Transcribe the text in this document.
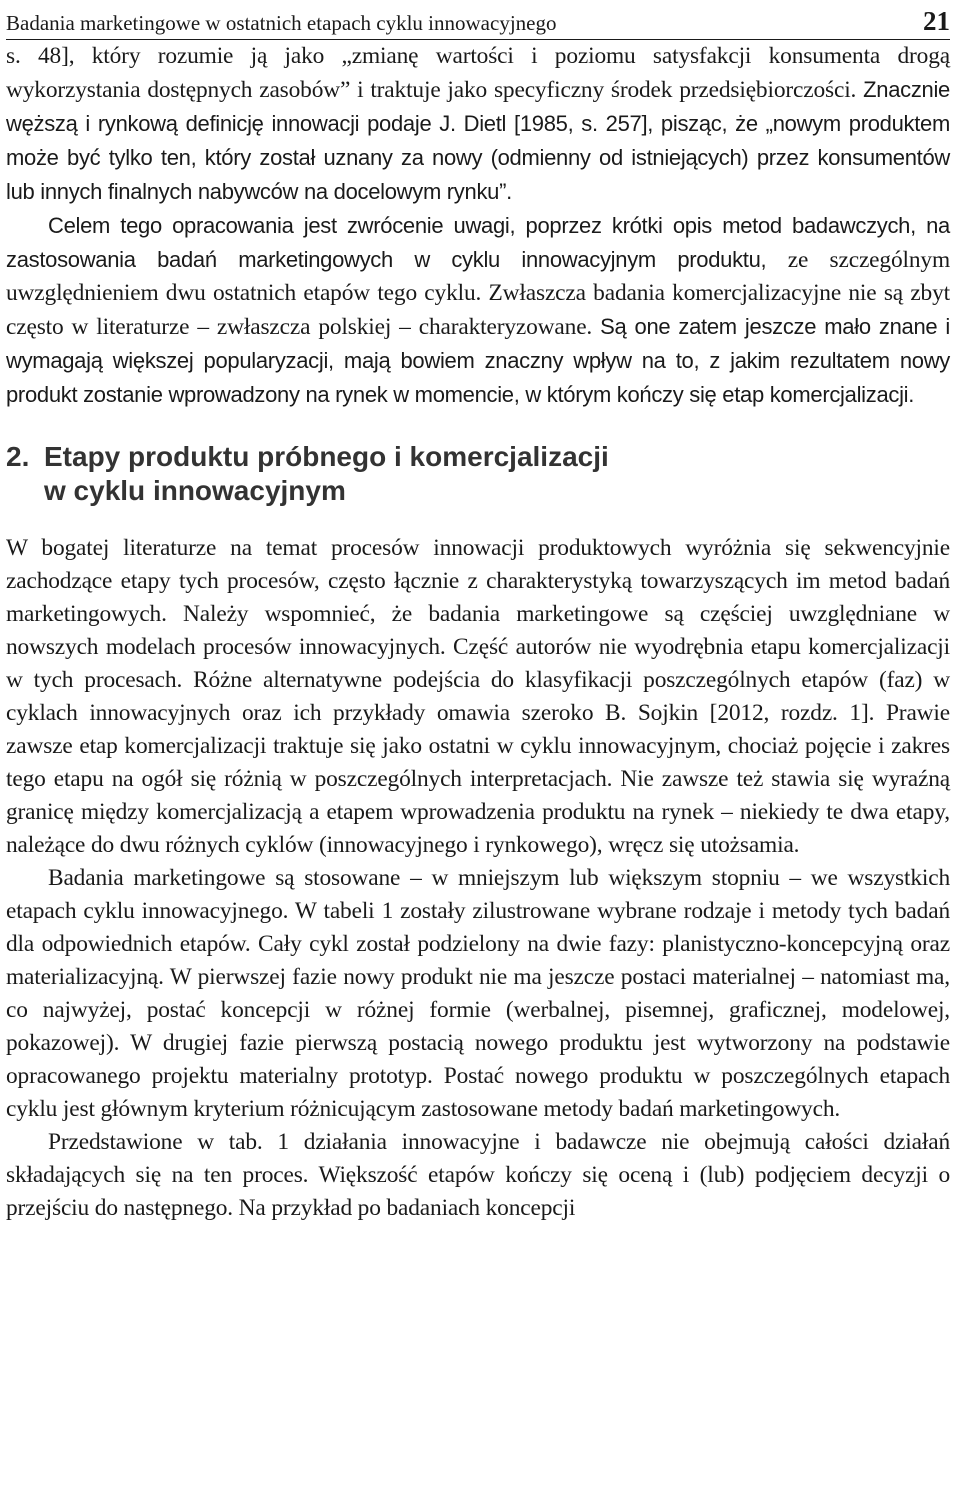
Badania marketingowe w ostatnich etapach cyklu innowacyjnego	21

s. 48], który rozumie ją jako „zmianę wartości i poziomu satysfakcji konsumenta drogą wykorzystania dostępnych zasobów” i traktuje jako specyficzny środek przedsiębiorczości. Znacznie węższą i rynkową definicję innowacji podaje J. Dietl [1985, s. 257], pisząc, że „nowym produktem może być tylko ten, który został uznany za nowy (odmienny od istniejących) przez konsumentów lub innych finalnych nabywców na docelowym rynku”.

Celem tego opracowania jest zwrócenie uwagi, poprzez krótki opis metod badawczych, na zastosowania badań marketingowych w cyklu innowacyjnym produktu, ze szczególnym uwzględnieniem dwu ostatnich etapów tego cyklu. Zwłaszcza badania komercjalizacyjne nie są zbyt często w literaturze – zwłaszcza polskiej – charakteryzowane. Są one zatem jeszcze mało znane i wymagają większej popularyzacji, mają bowiem znaczny wpływ na to, z jakim rezultatem nowy produkt zostanie wprowadzony na rynek w momencie, w którym kończy się etap komercjalizacji.

2. Etapy produktu próbnego i komercjalizacji
w cyklu innowacyjnym

W bogatej literaturze na temat procesów innowacji produktowych wyróżnia się sekwencyjnie zachodzące etapy tych procesów, często łącznie z charakterystyką towarzyszących im metod badań marketingowych. Należy wspomnieć, że badania marketingowe są częściej uwzględniane w nowszych modelach procesów innowacyjnych. Część autorów nie wyodrębnia etapu komercjalizacji w tych procesach. Różne alternatywne podejścia do klasyfikacji poszczególnych etapów (faz) w cyklach innowacyjnych oraz ich przykłady omawia szeroko B. Sojkin [2012, rozdz. 1]. Prawie zawsze etap komercjalizacji traktuje się jako ostatni w cyklu innowacyjnym, chociaż pojęcie i zakres tego etapu na ogół się różnią w poszczególnych interpretacjach. Nie zawsze też stawia się wyraźną granicę między komercjalizacją a etapem wprowadzenia produktu na rynek – niekiedy te dwa etapy, należące do dwu różnych cyklów (innowacyjnego i rynkowego), wręcz się utożsamia.

Badania marketingowe są stosowane – w mniejszym lub większym stopniu – we wszystkich etapach cyklu innowacyjnego. W tabeli 1 zostały zilustrowane wybrane rodzaje i metody tych badań dla odpowiednich etapów. Cały cykl został podzielony na dwie fazy: planistyczno-koncepcyjną oraz materializacyjną. W pierwszej fazie nowy produkt nie ma jeszcze postaci materialnej – natomiast ma, co najwyżej, postać koncepcji w różnej formie (werbalnej, pisemnej, graficznej, modelowej, pokazowej). W drugiej fazie pierwszą postacią nowego produktu jest wytworzony na podstawie opracowanego projektu materialny prototyp. Postać nowego produktu w poszczególnych etapach cyklu jest głównym kryterium różnicującym zastosowane metody badań marketingowych.

Przedstawione w tab. 1 działania innowacyjne i badawcze nie obejmują całości działań składających się na ten proces. Większość etapów kończy się oceną i (lub) podjęciem decyzji o przejściu do następnego. Na przykład po badaniach koncepcji
